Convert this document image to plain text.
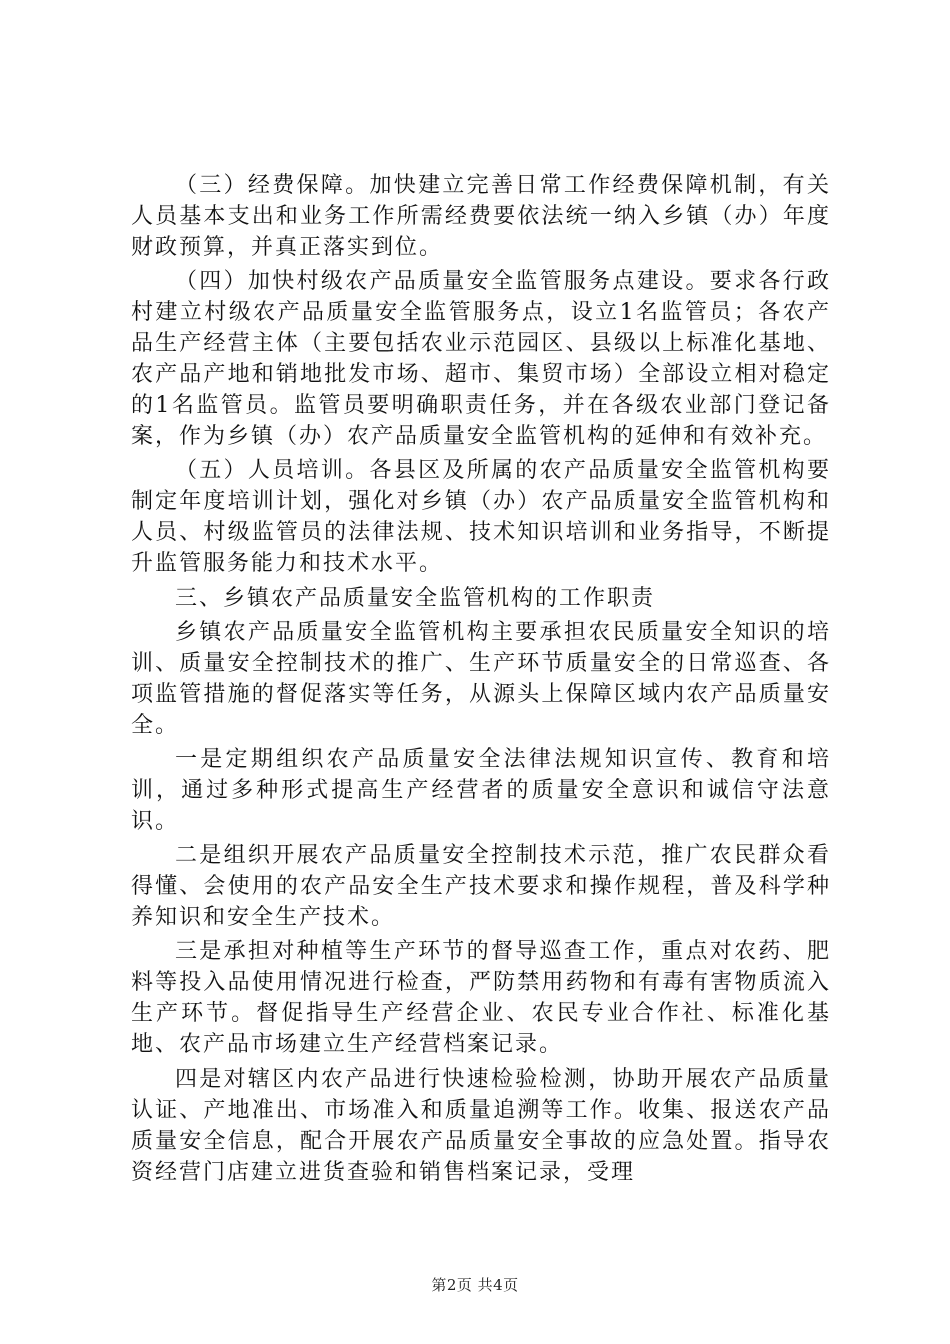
（三）经费保障。加快建立完善日常工作经费保障机制，有关人员基本支出和业务工作所需经费要依法统一纳入乡镇（办）年度财政预算，并真正落实到位。

（四）加快村级农产品质量安全监管服务点建设。要求各行政村建立村级农产品质量安全监管服务点，设立1名监管员；各农产品生产经营主体（主要包括农业示范园区、县级以上标准化基地、农产品产地和销地批发市场、超市、集贸市场）全部设立相对稳定的1名监管员。监管员要明确职责任务，并在各级农业部门登记备案，作为乡镇（办）农产品质量安全监管机构的延伸和有效补充。

（五）人员培训。各县区及所属的农产品质量安全监管机构要制定年度培训计划，强化对乡镇（办）农产品质量安全监管机构和人员、村级监管员的法律法规、技术知识培训和业务指导，不断提升监管服务能力和技术水平。

三、乡镇农产品质量安全监管机构的工作职责

乡镇农产品质量安全监管机构主要承担农民质量安全知识的培训、质量安全控制技术的推广、生产环节质量安全的日常巡查、各项监管措施的督促落实等任务，从源头上保障区域内农产品质量安全。

一是定期组织农产品质量安全法律法规知识宣传、教育和培训，通过多种形式提高生产经营者的质量安全意识和诚信守法意识。

二是组织开展农产品质量安全控制技术示范，推广农民群众看得懂、会使用的农产品安全生产技术要求和操作规程，普及科学种养知识和安全生产技术。

三是承担对种植等生产环节的督导巡查工作，重点对农药、肥料等投入品使用情况进行检查，严防禁用药物和有毒有害物质流入生产环节。督促指导生产经营企业、农民专业合作社、标准化基地、农产品市场建立生产经营档案记录。

四是对辖区内农产品进行快速检验检测，协助开展农产品质量认证、产地准出、市场准入和质量追溯等工作。收集、报送农产品质量安全信息，配合开展农产品质量安全事故的应急处置。指导农资经营门店建立进货查验和销售档案记录，受理

第2页 共4页
